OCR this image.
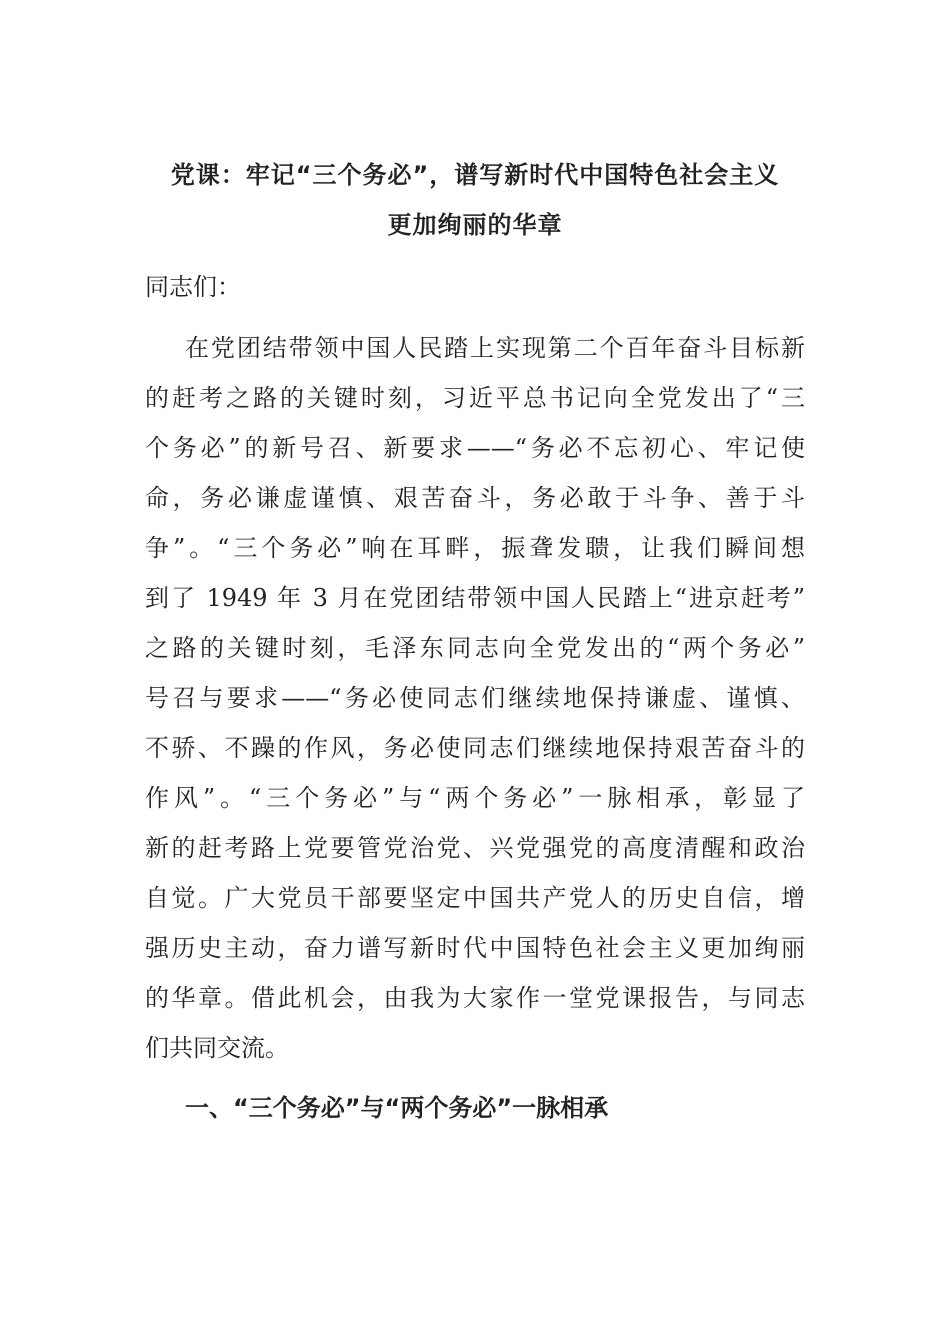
党课：牢记“三个务必”，谱写新时代中国特色社会主义
更加绚丽的华章

同志们：

在党团结带领中国人民踏上实现第二个百年奋斗目标新

的赶考之路的关键时刻，习近平总书记向全党发出了“三

个务必”的新号召、新要求——“务必不忘初心、牢记使

命，务必谦虚谨慎、艰苦奋斗，务必敢于斗争、善于斗

争”。“三个务必”响在耳畔，振聋发聩，让我们瞬间想

到了 1949 年 3 月在党团结带领中国人民踏上“进京赶考”

之路的关键时刻，毛泽东同志向全党发出的“两个务必”

号召与要求——“务必使同志们继续地保持谦虚、谨慎、

不骄、不躁的作风，务必使同志们继续地保持艰苦奋斗的

作风”。“三个务必”与“两个务必”一脉相承，彰显了

新的赶考路上党要管党治党、兴党强党的高度清醒和政治

自觉。广大党员干部要坚定中国共产党人的历史自信，增

强历史主动，奋力谱写新时代中国特色社会主义更加绚丽

的华章。借此机会，由我为大家作一堂党课报告，与同志

们共同交流。

一、“三个务必”与“两个务必”一脉相承
